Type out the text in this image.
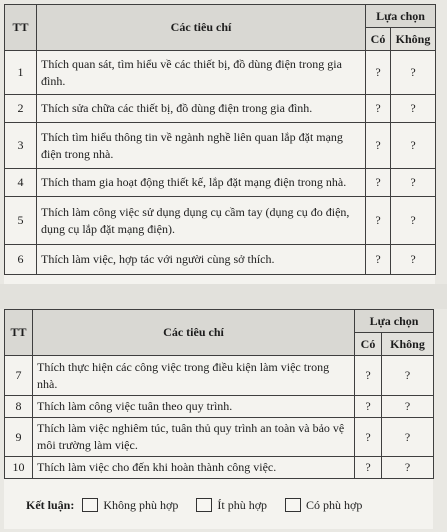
TT	Các tiêu chí	Lựa chọn	
		Có	Không
1	Thích quan sát, tìm hiểu về các thiết bị, đồ dùng điện trong gia đình.	?	?
2	Thích sửa chữa các thiết bị, đồ dùng điện trong gia đình.	?	?
3	Thích tìm hiểu thông tin về ngành nghề liên quan lắp đặt mạng điện trong nhà.	?	?
4	Thích tham gia hoạt động thiết kế, lắp đặt mạng điện trong nhà.	?	?
5	Thích làm công việc sử dụng dụng cụ cầm tay (dụng cụ đo điện, dụng cụ lắp đặt mạng điện).	?	?
6	Thích làm việc, hợp tác với người cùng sở thích.	?	?
TT	Các tiêu chí	Lựa chọn	
		Có	Không
7	Thích thực hiện các công việc trong điều kiện làm việc trong nhà.	?	?
8	Thích làm công việc tuân theo quy trình.	?	?
9	Thích làm việc nghiêm túc, tuân thủ quy trình an toàn và bảo vệ môi trường làm việc.	?	?
10	Thích làm việc cho đến khi hoàn thành công việc.	?	?
Kết luận: Không phù hợp	Ít phù hợp	Có phù hợp
